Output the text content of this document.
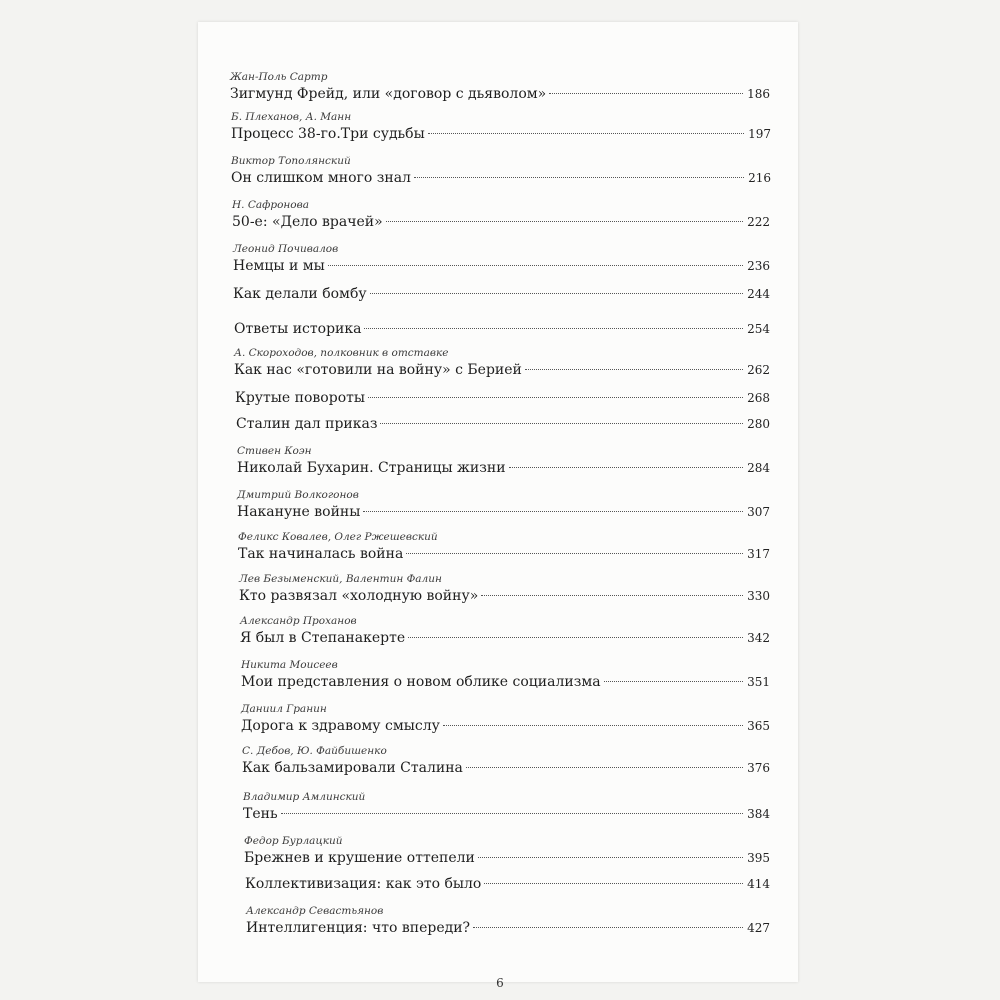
Жан-Поль Сартр
Зигмунд Фрейд, или «договор с дьяволом»	186
Б. Плеханов, А. Манн
Процесс 38-го.Три судьбы	197
Виктор Тополянский
Он слишком много знал	216
Н. Сафронова
50-е: «Дело врачей»	222
Леонид Почивалов
Немцы и мы	236
Как делали бомбу	244
Ответы историка	254
А. Скороходов, полковник в отставке
Как нас «готовили на войну» с Берией	262
Крутые повороты	268
Сталин дал приказ	280
Стивен Коэн
Николай Бухарин. Страницы жизни	284
Дмитрий Волкогонов
Накануне войны	307
Феликс Ковалев, Олег Ржешевский
Так начиналась война	317
Лев Безыменский, Валентин Фалин
Кто развязал «холодную войну»	330
Александр Проханов
Я был в Степанакерте	342
Никита Моисеев
Мои представления о новом облике социализма	351
Даниил Гранин
Дорога к здравому смыслу	365
С. Дебов, Ю. Файбишенко
Как бальзамировали Сталина	376
Владимир Амлинский
Тень	384
Федор Бурлацкий
Брежнев и крушение оттепели	395
Коллективизация: как это было	414
Александр Севастьянов
Интеллигенция: что впереди?	427
6
